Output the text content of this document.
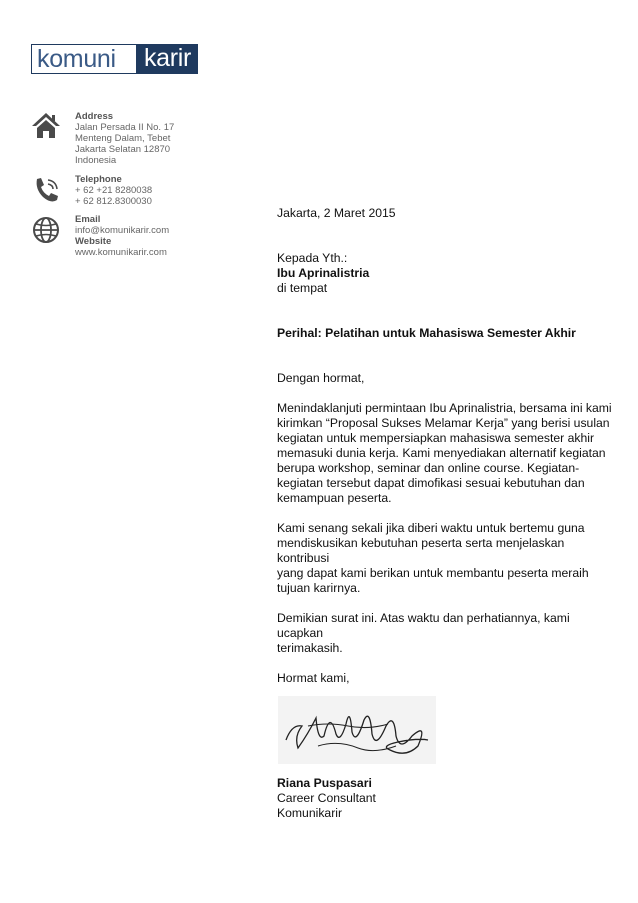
komuni	karir
Address
Jalan Persada II No. 17
Menteng Dalam, Tebet
Jakarta Selatan 12870
Indonesia
Telephone
+ 62 +21 8280038
+ 62 812.8300030
Email
info@komunikarir.com
Website
www.komunikarir.com

Jakarta, 2 Maret 2015

Kepada Yth.:

Ibu Aprinalistria

di tempat

Perihal: Pelatihan untuk Mahasiswa Semester Akhir

Dengan hormat,

Menindaklanjuti permintaan Ibu Aprinalistria, bersama ini kami

kirimkan “Proposal Sukses Melamar Kerja” yang berisi usulan

kegiatan untuk mempersiapkan mahasiswa semester akhir

memasuki dunia kerja. Kami menyediakan alternatif kegiatan

berupa workshop, seminar dan online course. Kegiatan-

kegiatan tersebut dapat dimofikasi sesuai kebutuhan dan

kemampuan peserta.

Kami senang sekali jika diberi waktu untuk bertemu guna

mendiskusikan kebutuhan peserta serta menjelaskan kontribusi

yang dapat kami berikan untuk membantu peserta meraih

tujuan karirnya.

Demikian surat ini. Atas waktu dan perhatiannya, kami ucapkan

terimakasih.

Hormat kami,

Riana Puspasari

Career Consultant

Komunikarir
